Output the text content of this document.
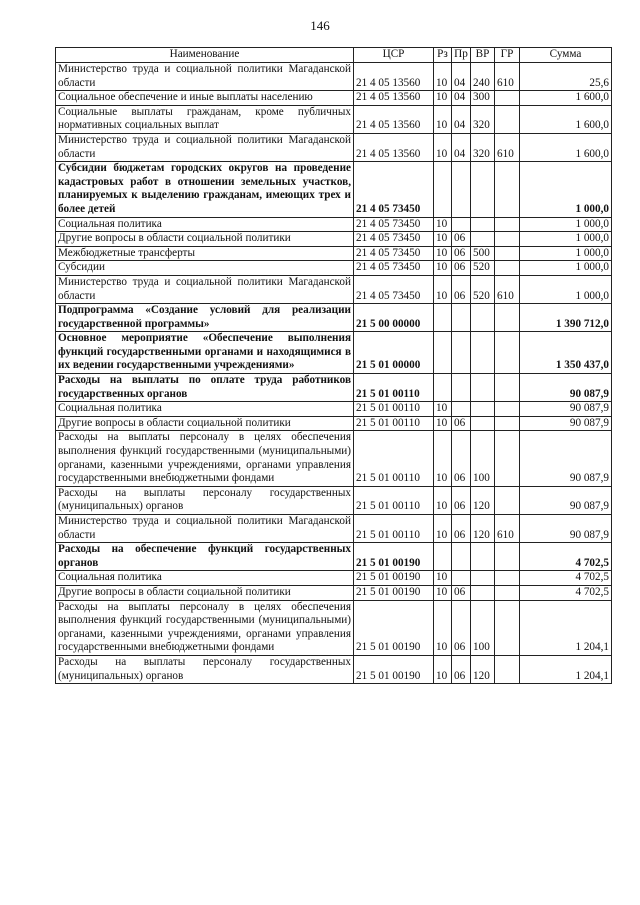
146
Наименование	ЦСР	Рз	Пр	ВР	ГР	Сумма
Министерство труда и социальной политики Магаданской области	21 4 05 13560	10	04	240	610	25,6
Социальное обеспечение и иные выплаты населению	21 4 05 13560	10	04	300		1 600,0
Социальные выплаты гражданам, кроме публичных нормативных социальных выплат	21 4 05 13560	10	04	320		1 600,0
Министерство труда и социальной политики Магаданской области	21 4 05 13560	10	04	320	610	1 600,0
Субсидии бюджетам городских округов на проведение кадастровых работ в отношении земельных участков, планируемых к выделению гражданам, имеющих трех и более детей	21 4 05 73450					1 000,0
Социальная политика	21 4 05 73450	10				1 000,0
Другие вопросы в области социальной политики	21 4 05 73450	10	06			1 000,0
Межбюджетные трансферты	21 4 05 73450	10	06	500		1 000,0
Субсидии	21 4 05 73450	10	06	520		1 000,0
Министерство труда и социальной политики Магаданской области	21 4 05 73450	10	06	520	610	1 000,0
Подпрограмма «Создание условий для реализации государственной программы»	21 5 00 00000					1 390 712,0
Основное мероприятие «Обеспечение выполнения функций государственными органами и находящимися в их ведении государственными учреждениями»	21 5 01 00000					1 350 437,0
Расходы на выплаты по оплате труда работников государственных органов	21 5 01 00110					90 087,9
Социальная политика	21 5 01 00110	10				90 087,9
Другие вопросы в области социальной политики	21 5 01 00110	10	06			90 087,9
Расходы на выплаты персоналу в целях обеспечения выполнения функций государственными (муниципальными) органами, казенными учреждениями, органами управления государственными внебюджетными фондами	21 5 01 00110	10	06	100		90 087,9
Расходы на выплаты персоналу государственных (муниципальных) органов	21 5 01 00110	10	06	120		90 087,9
Министерство труда и социальной политики Магаданской области	21 5 01 00110	10	06	120	610	90 087,9
Расходы на обеспечение функций государственных органов	21 5 01 00190					4 702,5
Социальная политика	21 5 01 00190	10				4 702,5
Другие вопросы в области социальной политики	21 5 01 00190	10	06			4 702,5
Расходы на выплаты персоналу в целях обеспечения выполнения функций государственными (муниципальными) органами, казенными учреждениями, органами управления государственными внебюджетными фондами	21 5 01 00190	10	06	100		1 204,1
Расходы на выплаты персоналу государственных (муниципальных) органов	21 5 01 00190	10	06	120		1 204,1
